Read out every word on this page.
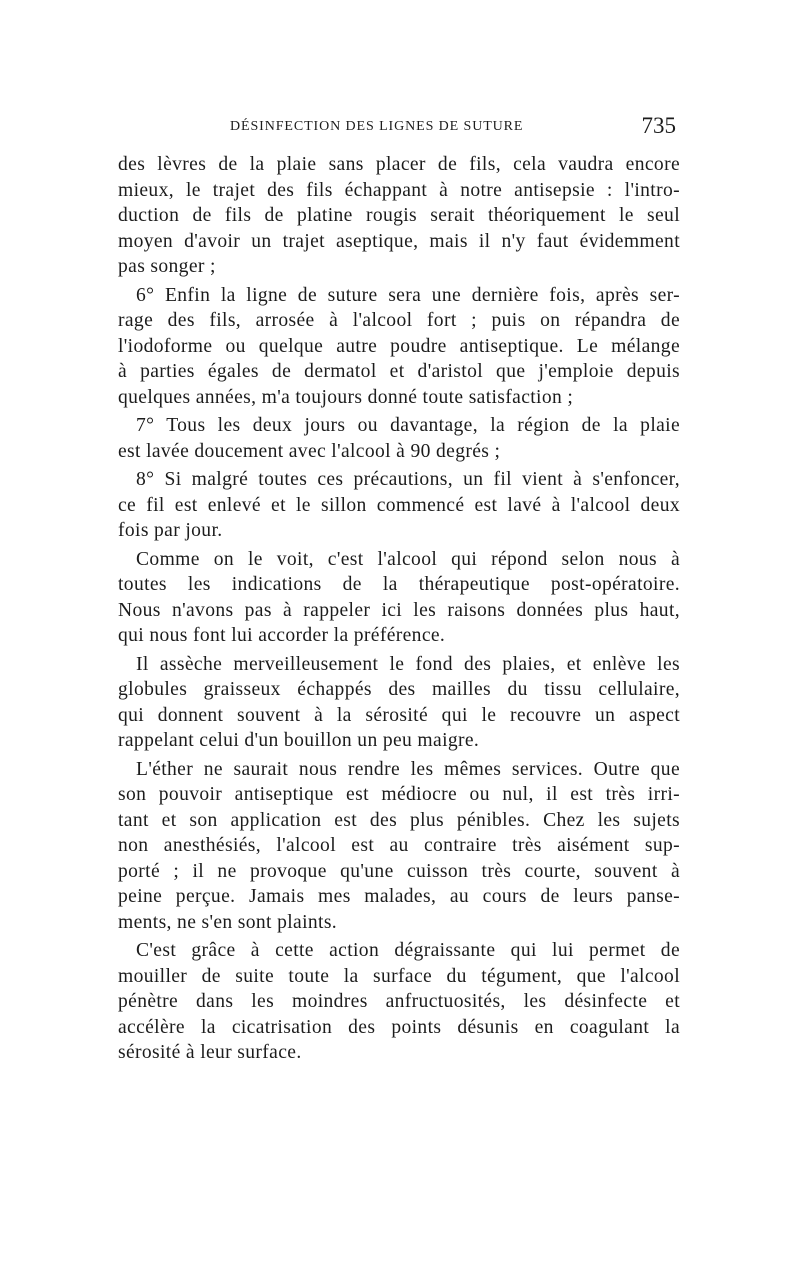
DÉSINFECTION DES LIGNES DE SUTURE	735

des lèvres de la plaie sans placer de fils, cela vaudra encore
mieux, le trajet des fils échappant à notre antisepsie : l'intro-
duction de fils de platine rougis serait théoriquement le seul
moyen d'avoir un trajet aseptique, mais il n'y faut évidemment
pas songer ;

6° Enfin la ligne de suture sera une dernière fois, après ser-
rage des fils, arrosée à l'alcool fort ; puis on répandra de
l'iodoforme ou quelque autre poudre antiseptique. Le mélange
à parties égales de dermatol et d'aristol que j'emploie depuis
quelques années, m'a toujours donné toute satisfaction ;

7° Tous les deux jours ou davantage, la région de la plaie
est lavée doucement avec l'alcool à 90 degrés ;

8° Si malgré toutes ces précautions, un fil vient à s'enfoncer,
ce fil est enlevé et le sillon commencé est lavé à l'alcool deux
fois par jour.

Comme on le voit, c'est l'alcool qui répond selon nous à
toutes les indications de la thérapeutique post-opératoire.
Nous n'avons pas à rappeler ici les raisons données plus haut,
qui nous font lui accorder la préférence.

Il assèche merveilleusement le fond des plaies, et enlève les
globules graisseux échappés des mailles du tissu cellulaire,
qui donnent souvent à la sérosité qui le recouvre un aspect
rappelant celui d'un bouillon un peu maigre.

L'éther ne saurait nous rendre les mêmes services. Outre que
son pouvoir antiseptique est médiocre ou nul, il est très irri-
tant et son application est des plus pénibles. Chez les sujets
non anesthésiés, l'alcool est au contraire très aisément sup-
porté ; il ne provoque qu'une cuisson très courte, souvent à
peine perçue. Jamais mes malades, au cours de leurs panse-
ments, ne s'en sont plaints.

C'est grâce à cette action dégraissante qui lui permet de
mouiller de suite toute la surface du tégument, que l'alcool
pénètre dans les moindres anfructuosités, les désinfecte et
accélère la cicatrisation des points désunis en coagulant la
sérosité à leur surface.
